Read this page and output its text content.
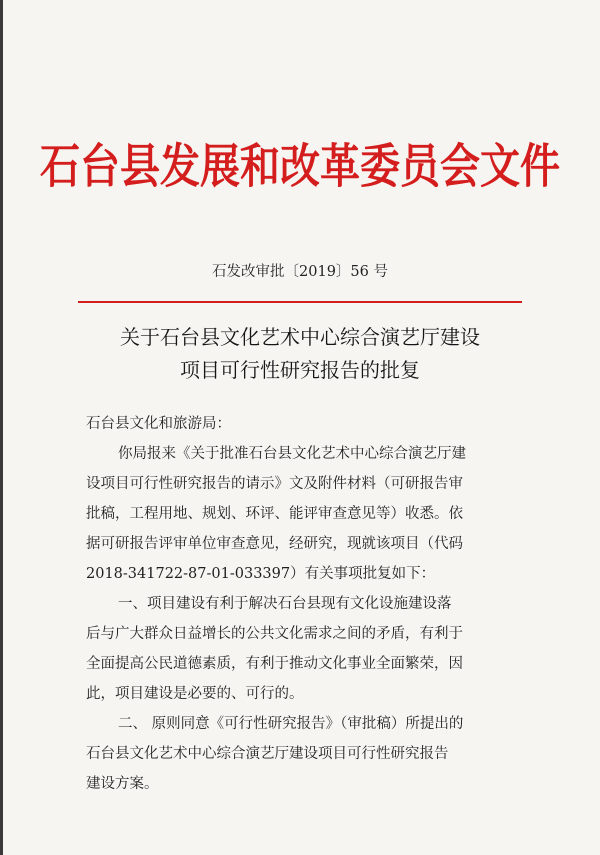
石台县发展和改革委员会文件
石发改审批〔2019〕56 号
关于石台县文化艺术中心综合演艺厅建设
项目可行性研究报告的批复
石台县文化和旅游局：
你局报来《关于批准石台县文化艺术中心综合演艺厅建
设项目可行性研究报告的请示》文及附件材料（可研报告审
批稿，工程用地、规划、环评、能评审查意见等）收悉。依
据可研报告评审单位审查意见，经研究，现就该项目（代码
2018-341722-87-01-033397）有关事项批复如下：
一、项目建设有利于解决石台县现有文化设施建设落
后与广大群众日益增长的公共文化需求之间的矛盾，有利于
全面提高公民道德素质，有利于推动文化事业全面繁荣，因
此，项目建设是必要的、可行的。
二、 原则同意《可行性研究报告》（审批稿）所提出的
石台县文化艺术中心综合演艺厅建设项目可行性研究报告
建设方案。
